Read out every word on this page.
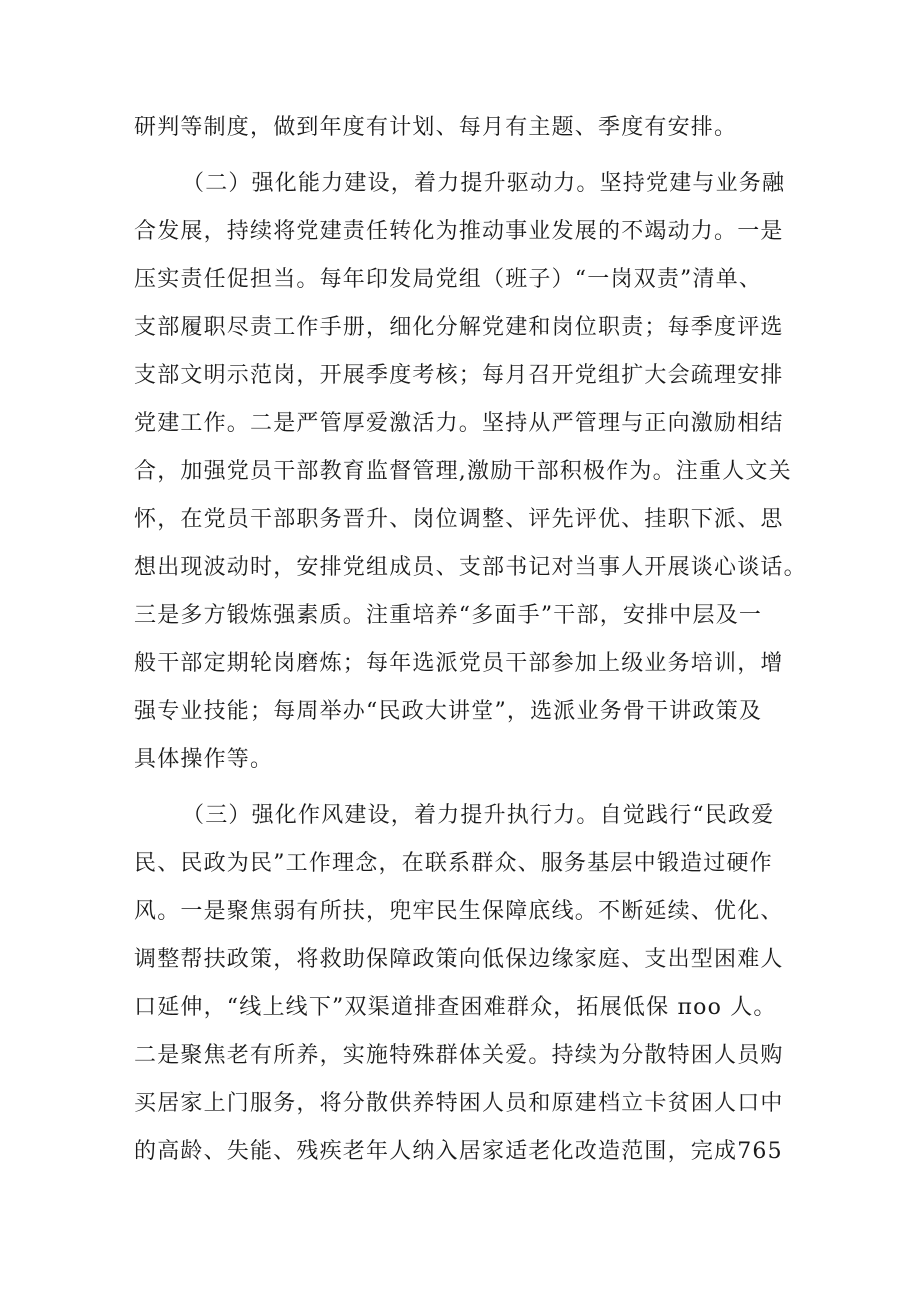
研判等制度，做到年度有计划、每月有主题、季度有安排。
（二）强化能力建设，着力提升驱动力。坚持党建与业务融
合发展，持续将党建责任转化为推动事业发展的不竭动力。一是
压实责任促担当。每年印发局党组（班子）“一岗双责”清单、
支部履职尽责工作手册，细化分解党建和岗位职责；每季度评选
支部文明示范岗，开展季度考核；每月召开党组扩大会疏理安排
党建工作。二是严管厚爱激活力。坚持从严管理与正向激励相结
合，加强党员干部教育监督管理,激励干部积极作为。注重人文关
怀，在党员干部职务晋升、岗位调整、评先评优、挂职下派、思
想出现波动时，安排党组成员、支部书记对当事人开展谈心谈话。
三是多方锻炼强素质。注重培养“多面手”干部，安排中层及一
般干部定期轮岗磨炼；每年选派党员干部参加上级业务培训，增
强专业技能；每周举办“民政大讲堂”，选派业务骨干讲政策及
具体操作等。
（三）强化作风建设，着力提升执行力。自觉践行“民政爱
民、民政为民”工作理念，在联系群众、服务基层中锻造过硬作
风。一是聚焦弱有所扶，兜牢民生保障底线。不断延续、优化、
调整帮扶政策，将救助保障政策向低保边缘家庭、支出型困难人
口延伸，“线上线下”双渠道排查困难群众，拓展低保 πoo 人。
二是聚焦老有所养，实施特殊群体关爱。持续为分散特困人员购
买居家上门服务，将分散供养特困人员和原建档立卡贫困人口中
的高龄、失能、残疾老年人纳入居家适老化改造范围，完成765
